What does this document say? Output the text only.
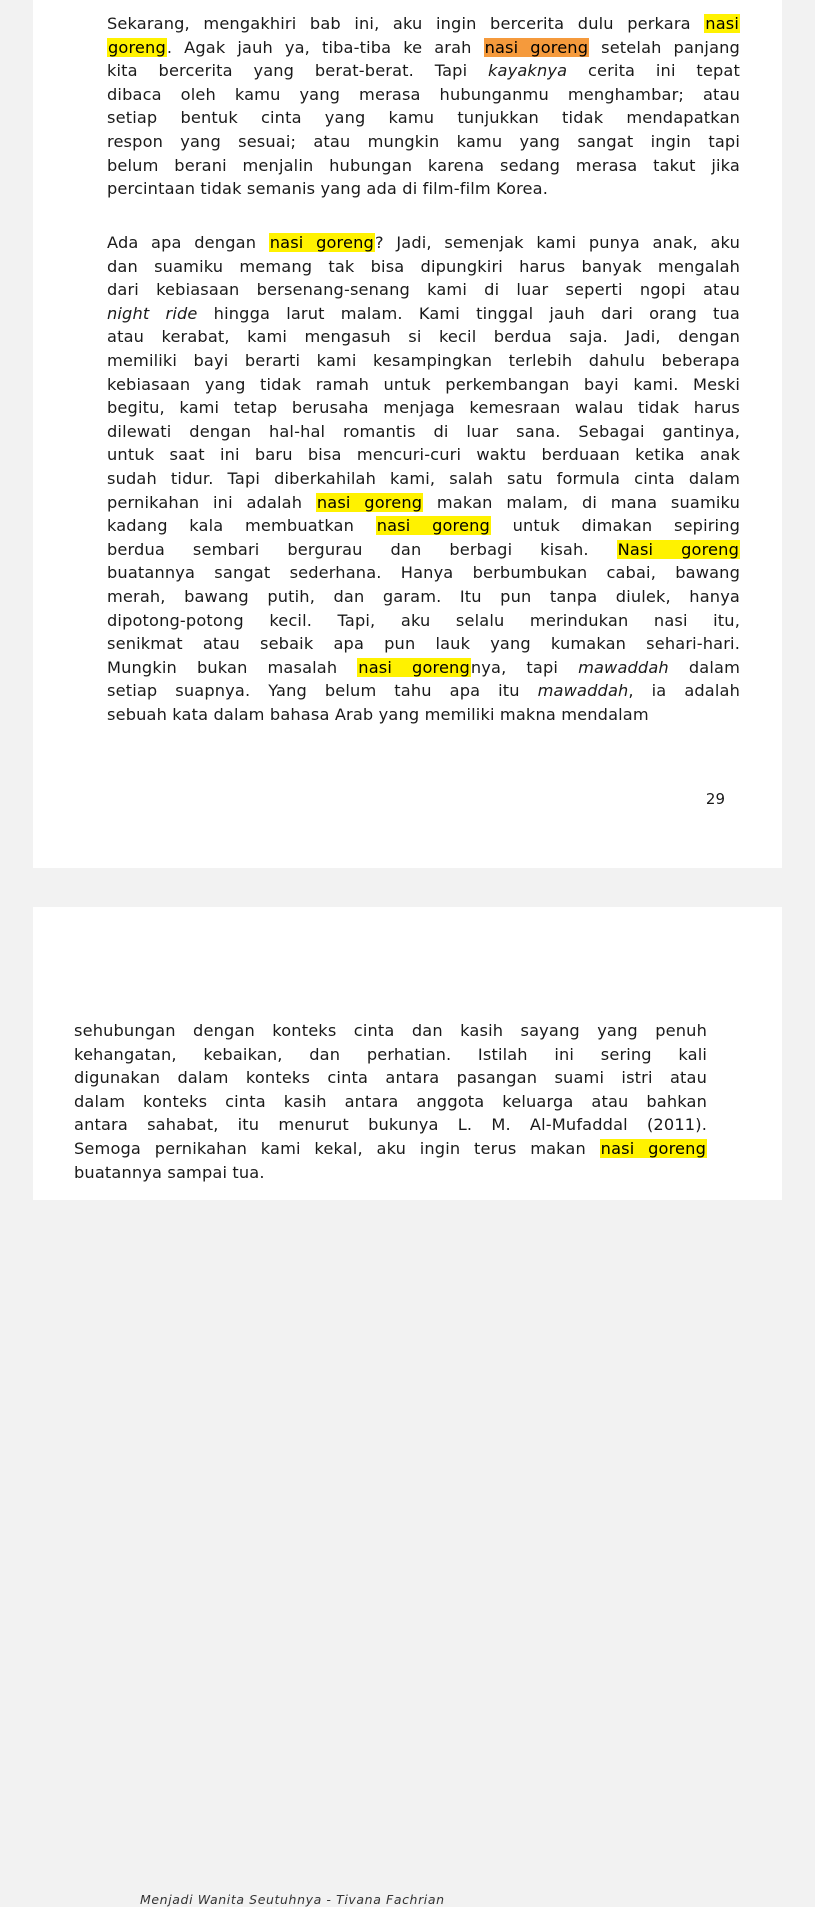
Sekarang, mengakhiri bab ini, aku ingin bercerita dulu perkara nasi
goreng. Agak jauh ya, tiba-tiba ke arah nasi goreng setelah panjang
kita bercerita yang berat-berat. Tapi kayaknya cerita ini tepat
dibaca oleh kamu yang merasa hubunganmu menghambar; atau
setiap bentuk cinta yang kamu tunjukkan tidak mendapatkan
respon yang sesuai; atau mungkin kamu yang sangat ingin tapi
belum berani menjalin hubungan karena sedang merasa takut jika
percintaan tidak semanis yang ada di film-film Korea.

Ada apa dengan nasi goreng? Jadi, semenjak kami punya anak, aku
dan suamiku memang tak bisa dipungkiri harus banyak mengalah
dari kebiasaan bersenang-senang kami di luar seperti ngopi atau
night ride hingga larut malam. Kami tinggal jauh dari orang tua
atau kerabat, kami mengasuh si kecil berdua saja. Jadi, dengan
memiliki bayi berarti kami kesampingkan terlebih dahulu beberapa
kebiasaan yang tidak ramah untuk perkembangan bayi kami. Meski
begitu, kami tetap berusaha menjaga kemesraan walau tidak harus
dilewati dengan hal-hal romantis di luar sana. Sebagai gantinya,
untuk saat ini baru bisa mencuri-curi waktu berduaan ketika anak
sudah tidur. Tapi diberkahilah kami, salah satu formula cinta dalam
pernikahan ini adalah nasi goreng makan malam, di mana suamiku
kadang kala membuatkan nasi goreng untuk dimakan sepiring
berdua sembari bergurau dan berbagi kisah. Nasi goreng
buatannya sangat sederhana. Hanya berbumbukan cabai, bawang
merah, bawang putih, dan garam. Itu pun tanpa diulek, hanya
dipotong-potong kecil. Tapi, aku selalu merindukan nasi itu,
senikmat atau sebaik apa pun lauk yang kumakan sehari-hari.
Mungkin bukan masalah nasi gorengnya, tapi mawaddah dalam
setiap suapnya. Yang belum tahu apa itu mawaddah, ia adalah
sebuah kata dalam bahasa Arab yang memiliki makna mendalam

29
Menjadi Wanita Seutuhnya - Tivana Fachrian

sehubungan dengan konteks cinta dan kasih sayang yang penuh
kehangatan, kebaikan, dan perhatian. Istilah ini sering kali
digunakan dalam konteks cinta antara pasangan suami istri atau
dalam konteks cinta kasih antara anggota keluarga atau bahkan
antara sahabat, itu menurut bukunya L. M. Al-Mufaddal (2011).
Semoga pernikahan kami kekal, aku ingin terus makan nasi goreng
buatannya sampai tua.
